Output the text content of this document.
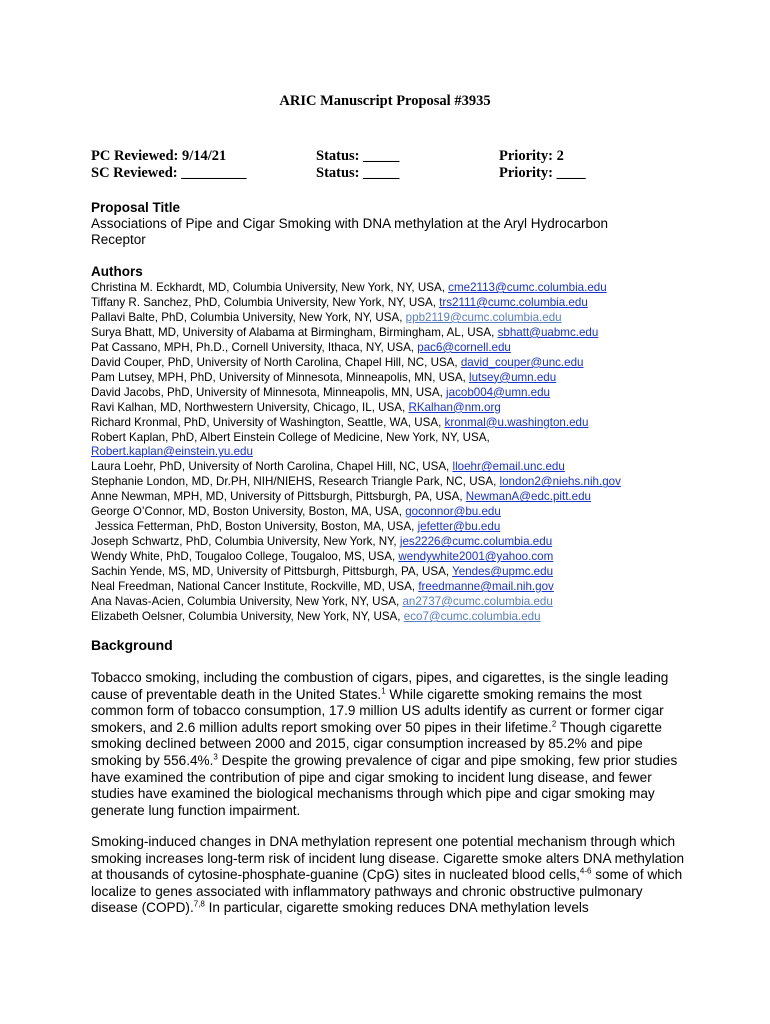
ARIC Manuscript Proposal #3935
PC Reviewed: 9/14/21	Status: _____	Priority: 2
SC Reviewed: _________	Status: _____	Priority: ____
Proposal Title
Associations of Pipe and Cigar Smoking with DNA methylation at the Aryl Hydrocarbon
Receptor
Authors
Christina M. Eckhardt, MD, Columbia University, New York, NY, USA, cme2113@cumc.columbia.edu
Tiffany R. Sanchez, PhD, Columbia University, New York, NY, USA, trs2111@cumc.columbia.edu
Pallavi Balte, PhD, Columbia University, New York, NY, USA, ppb2119@cumc.columbia.edu
Surya Bhatt, MD, University of Alabama at Birmingham, Birmingham, AL, USA, sbhatt@uabmc.edu
Pat Cassano, MPH, Ph.D., Cornell University, Ithaca, NY, USA, pac6@cornell.edu
David Couper, PhD, University of North Carolina, Chapel Hill, NC, USA, david_couper@unc.edu
Pam Lutsey, MPH, PhD, University of Minnesota, Minneapolis, MN, USA, lutsey@umn.edu
David Jacobs, PhD, University of Minnesota, Minneapolis, MN, USA, jacob004@umn.edu
Ravi Kalhan, MD, Northwestern University, Chicago, IL, USA, RKalhan@nm.org
Richard Kronmal, PhD, University of Washington, Seattle, WA, USA, kronmal@u.washington.edu
Robert Kaplan, PhD, Albert Einstein College of Medicine, New York, NY, USA,
Robert.kaplan@einstein.yu.edu
Laura Loehr, PhD, University of North Carolina, Chapel Hill, NC, USA, lloehr@email.unc.edu
Stephanie London, MD, Dr.PH, NIH/NIEHS, Research Triangle Park, NC, USA, london2@niehs.nih.gov
Anne Newman, MPH, MD, University of Pittsburgh, Pittsburgh, PA, USA, NewmanA@edc.pitt.edu
George O’Connor, MD, Boston University, Boston, MA, USA, goconnor@bu.edu
Jessica Fetterman, PhD, Boston University, Boston, MA, USA, jefetter@bu.edu
Joseph Schwartz, PhD, Columbia University, New York, NY, jes2226@cumc.columbia.edu
Wendy White, PhD, Tougaloo College, Tougaloo, MS, USA, wendywhite2001@yahoo.com
Sachin Yende, MS, MD, University of Pittsburgh, Pittsburgh, PA, USA, Yendes@upmc.edu
Neal Freedman, National Cancer Institute, Rockville, MD, USA, freedmanne@mail.nih.gov
Ana Navas-Acien, Columbia University, New York, NY, USA, an2737@cumc.columbia.edu
Elizabeth Oelsner, Columbia University, New York, NY, USA, eco7@cumc.columbia.edu
Background
Tobacco smoking, including the combustion of cigars, pipes, and cigarettes, is the single leading cause of preventable death in the United States.$^1$ While cigarette smoking remains the most common form of tobacco consumption, 17.9 million US adults identify as current or former cigar smokers, and 2.6 million adults report smoking over 50 pipes in their lifetime.$^2$ Though cigarette smoking declined between 2000 and 2015, cigar consumption increased by 85.2% and pipe smoking by 556.4%.$^3$ Despite the growing prevalence of cigar and pipe smoking, few prior studies have examined the contribution of pipe and cigar smoking to incident lung disease, and fewer studies have examined the biological mechanisms through which pipe and cigar smoking may generate lung function impairment.
Smoking-induced changes in DNA methylation represent one potential mechanism through which smoking increases long-term risk of incident lung disease. Cigarette smoke alters DNA methylation at thousands of cytosine-phosphate-guanine (CpG) sites in nucleated blood cells,$^{4-6}$ some of which localize to genes associated with inflammatory pathways and chronic obstructive pulmonary disease (COPD).$^{7,8}$ In particular, cigarette smoking reduces DNA methylation levels
